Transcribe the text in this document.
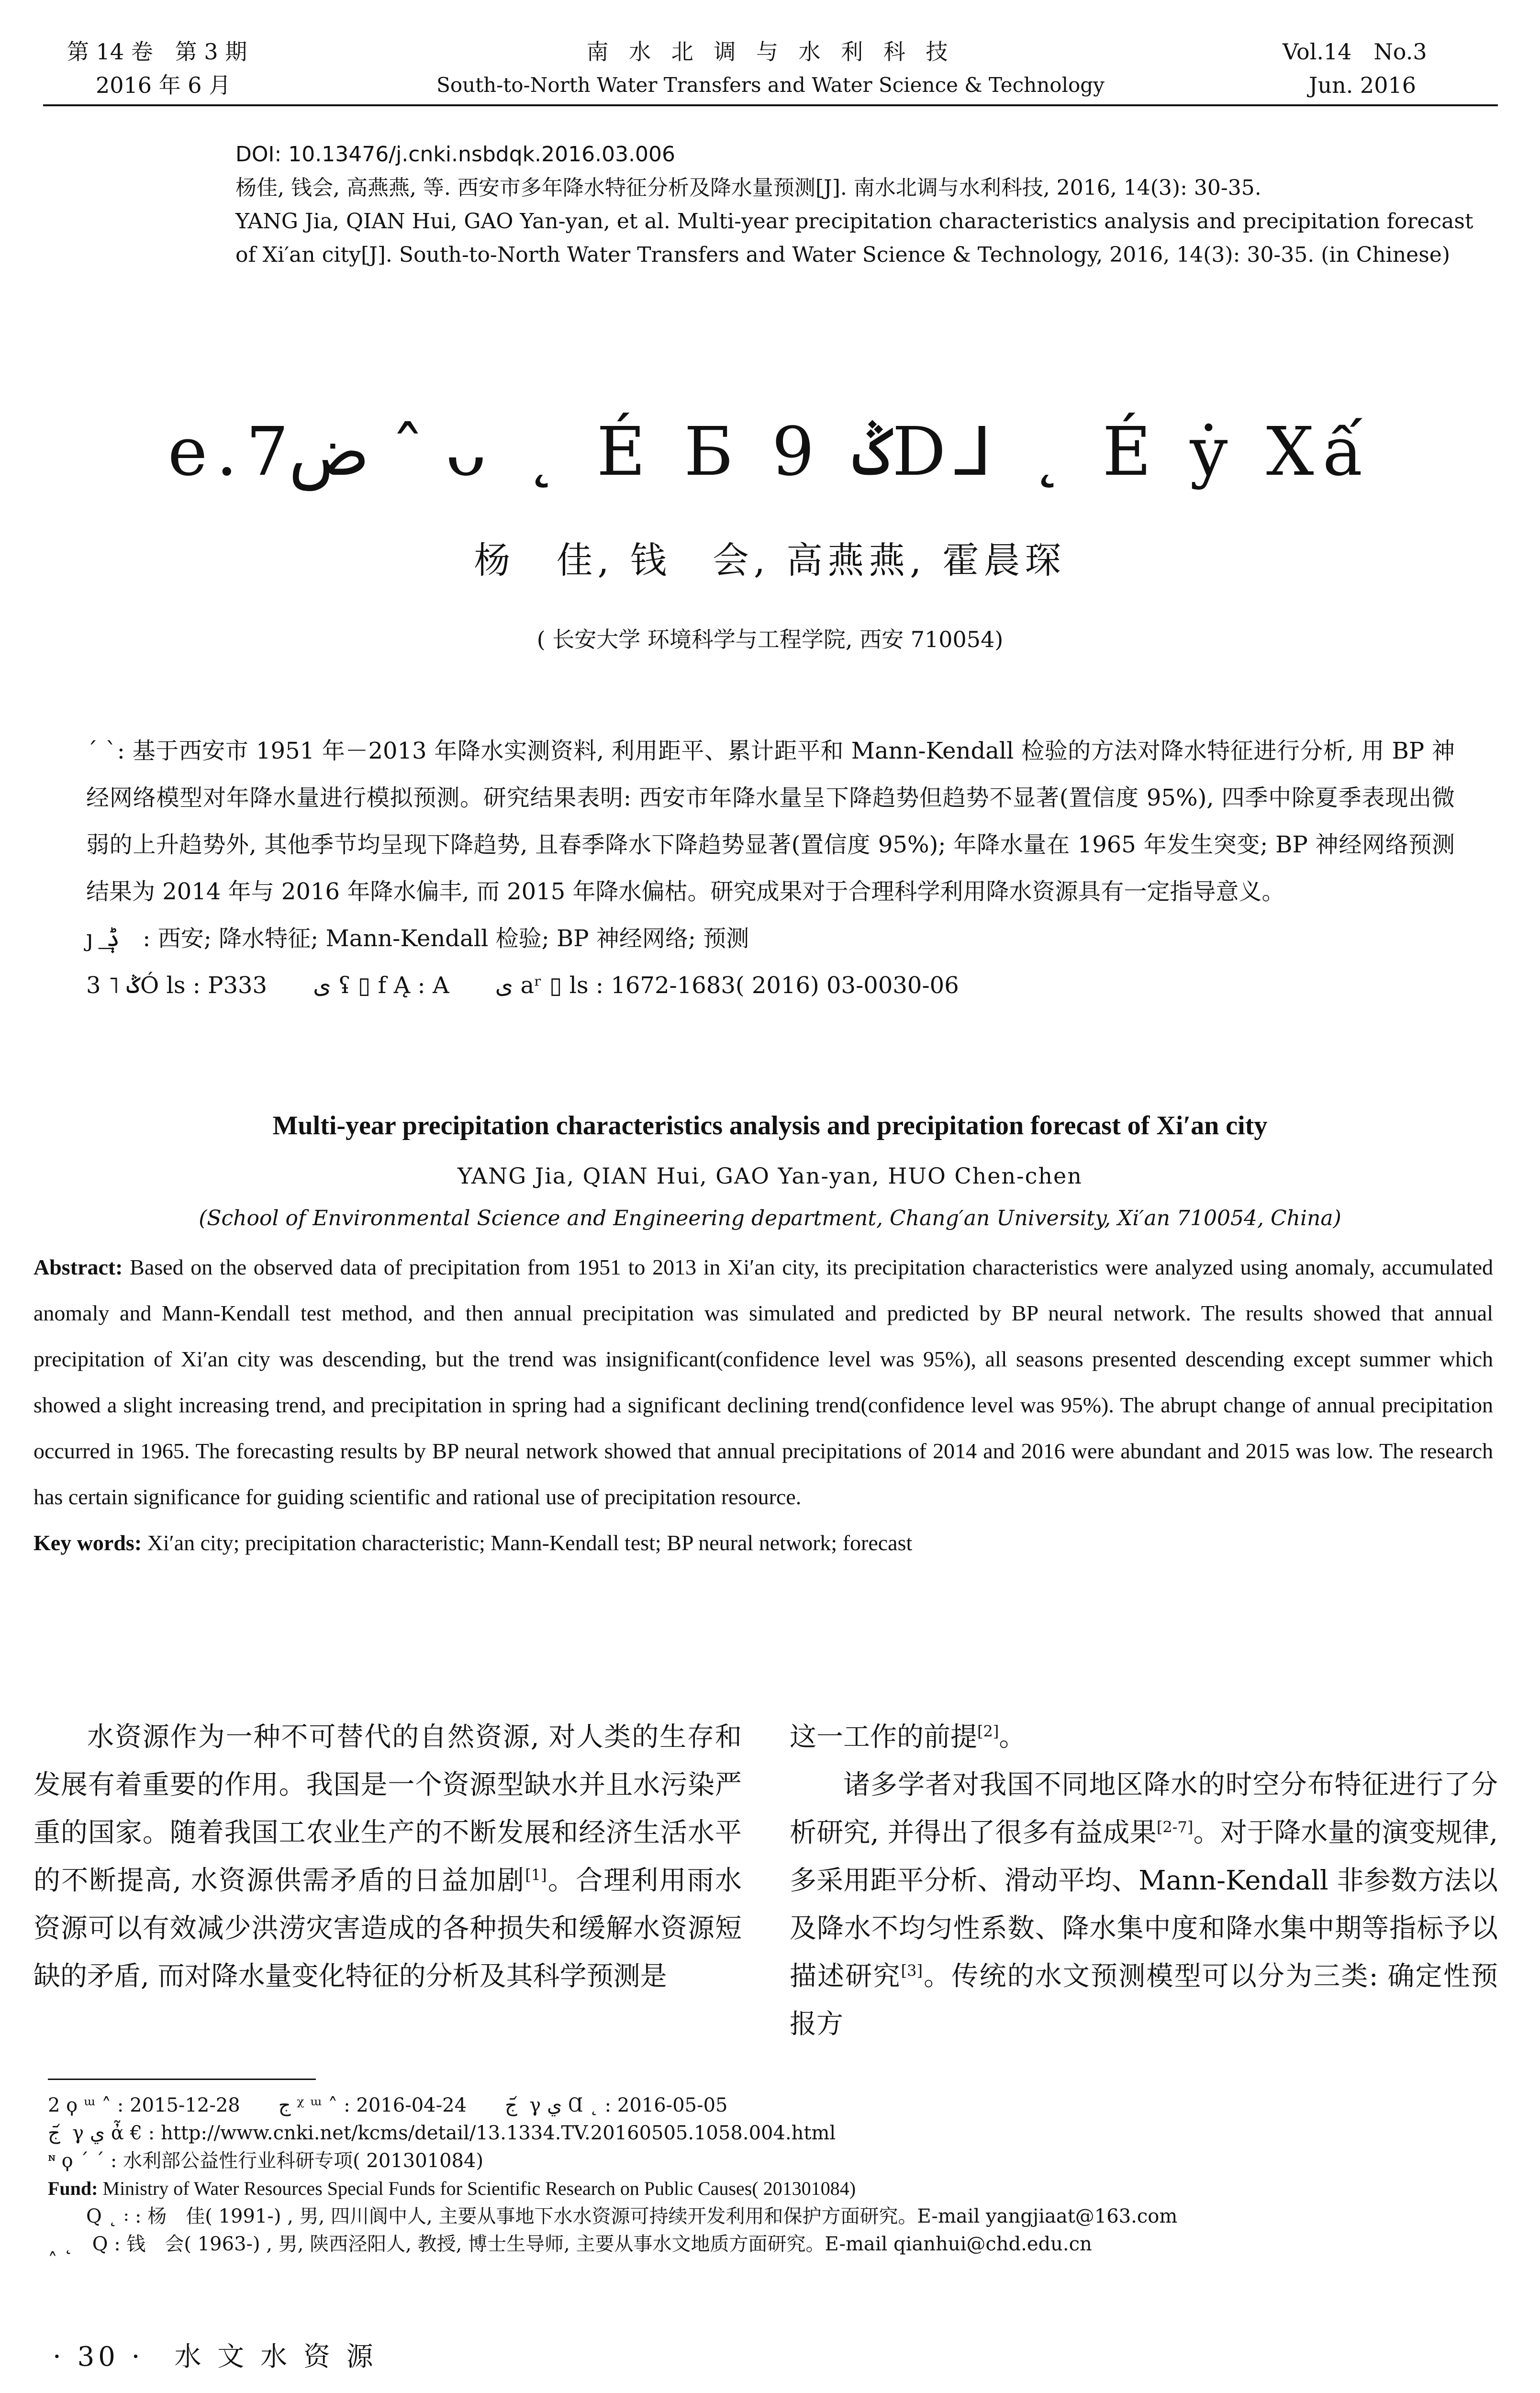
第 14 卷　第 3 期
2016 年 6 月
南 水 北 调 与 水 利 科 技
South-to-North Water Transfers and Water Science & Technology
Vol.14　No.3
Jun. 2016

DOI: 10.13476/j.cnki.nsbdqk.2016.03.006

杨佳, 钱会, 高燕燕, 等. 西安市多年降水特征分析及降水量预测[J]. 南水北调与水利科技, 2016, 14(3): 30-35.

YANG Jia, QIAN Hui, GAO Yan-yan, et al. Multi-year precipitation characteristics analysis and precipitation forecast of Xi′an city[J]. South-to-North Water Transfers and Water Science & Technology, 2016, 14(3): 30-35. (in Chinese)

e.ض7 ˆ ᴗ ˛ É Б 9 ݣD⅃ ˛ É ẏ Xấ
杨　佳, 钱　会, 高燕燕, 霍晨琛
( 长安大学 环境科学与工程学院, 西安 710054)

ˊ ˋ: 基于西安市 1951 年－2013 年降水实测资料, 利用距平、累计距平和 Mann-Kendall 检验的方法对降水特征进行分析, 用 BP 神经网络模型对年降水量进行模拟预测。研究结果表明: 西安市年降水量呈下降趋势但趋势不显著(置信度 95%), 四季中除夏季表现出微弱的上升趋势外, 其他季节均呈现下降趋势, 且春季降水下降趋势显著(置信度 95%); 年降水量在 1965 年发生突变; BP 神经网络预测结果为 2014 年与 2016 年降水偏丰, 而 2015 年降水偏枯。研究成果对于合理科学利用降水资源具有一定指导意义。

ȷ ͟ ݙ　 : 西安; 降水特征; Mann-Kendall 检验; BP 神经网络; 预测

3 ˥ ݣÓ ls : P333　　ى ʢ ▯ f Ą : A　　ى aʳ ▯ ls : 1672-1683( 2016) 03-0030-06

Multi-year precipitation characteristics analysis and precipitation forecast of Xi′an city
YANG Jia, QIAN Hui, GAO Yan-yan, HUO Chen-chen
(School of Environmental Science and Engineering department, Chang′an University, Xi′an 710054, China)

Abstract: Based on the observed data of precipitation from 1951 to 2013 in Xi′an city, its precipitation characteristics were analyzed using anomaly, accumulated anomaly and Mann-Kendall test method, and then annual precipitation was simulated and predicted by BP neural network. The results showed that annual precipitation of Xi′an city was descending, but the trend was insignificant(confidence level was 95%), all seasons presented descending except summer which showed a slight increasing trend, and precipitation in spring had a significant declining trend(confidence level was 95%). The abrupt change of annual precipitation occurred in 1965. The forecasting results by BP neural network showed that annual precipitations of 2014 and 2016 were abundant and 2015 was low. The research has certain significance for guiding scientific and rational use of precipitation resource.

Key words: Xi′an city; precipitation characteristic; Mann-Kendall test; BP neural network; forecast

水资源作为一种不可替代的自然资源, 对人类的生存和发展有着重要的作用。我国是一个资源型缺水并且水污染严重的国家。随着我国工农业生产的不断发展和经济生活水平的不断提高, 水资源供需矛盾的日益加剧[1]。合理利用雨水资源可以有效减少洪涝灾害造成的各种损失和缓解水资源短缺的矛盾, 而对降水量变化特征的分析及其科学预测是

这一工作的前提[2]。

诸多学者对我国不同地区降水的时空分布特征进行了分析研究, 并得出了很多有益成果[2-7]。对于降水量的演变规律, 多采用距平分析、滑动平均、Mann-Kendall 非参数方法以及降水不均匀性系数、降水集中度和降水集中期等指标予以描述研究[3]。传统的水文预测模型可以分为三类: 确定性预报方

2 ϙ ᵚ ˄ : 2015-12-28　　ج ᵡ ᵚ ˄ : 2016-04-24　　ج ᷄ γ ي Ɑ ˛ : 2016-05-05

ج ᷄ γ ي ἆ € : http://www.cnki.net/kcms/detail/13.1334.TV.20160505.1058.004.html

ᶰ ϙ ˊ ˊ : 水利部公益性行业科研专项( 201301084)

Fund: Ministry of Water Resources Special Funds for Scientific Research on Public Causes( 201301084)

Q ˛ ꞉ : 杨　佳( 1991-) , 男, 四川阆中人, 主要从事地下水水资源可持续开发利用和保护方面研究。E-mail yangjiaat@163.com

˰ ˛　Q : 钱　会( 1963-) , 男, 陕西泾阳人, 教授, 博士生导师, 主要从事水文地质方面研究。E-mail qianhui@chd.edu.cn

· 30 ·　 水 文 水 资 源
